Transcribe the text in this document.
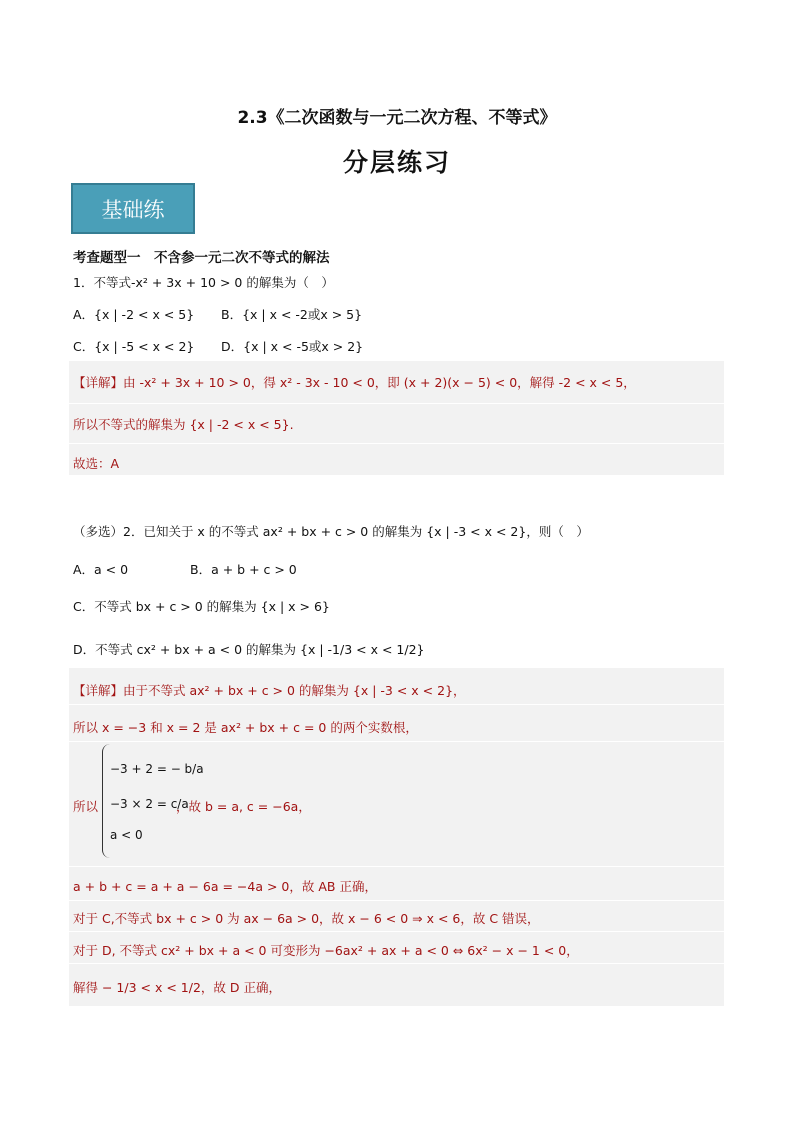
2.3《二次函数与一元二次方程、不等式》
分层练习
基础练
考查题型一　不含参一元二次不等式的解法
1．不等式-x² + 3x + 10 > 0 的解集为（　）
A．{x | -2 < x < 5} B．{x | x < -2或x > 5}
C．{x | -5 < x < 2} D．{x | x < -5或x > 2}
【详解】由 -x² + 3x + 10 > 0，得 x² - 3x - 10 < 0，即 (x + 2)(x − 5) < 0，解得 -2 < x < 5，
所以不等式的解集为 {x | -2 < x < 5}.
故选：A
（多选）2．已知关于 x 的不等式 ax² + bx + c > 0 的解集为 {x | -3 < x < 2}，则（　）
A．a < 0	B．a + b + c > 0
C．不等式 bx + c > 0 的解集为 {x | x > 6}
D．不等式 cx² + bx + a < 0 的解集为 {x | -1/3 < x < 1/2}
【详解】由于不等式 ax² + bx + c > 0 的解集为 {x | -3 < x < 2}，
所以 x = −3 和 x = 2 是 ax² + bx + c = 0 的两个实数根，
所以
−3 + 2 = − b/a
−3 × 2 = c/a
a < 0
，故 b = a, c = −6a，
a + b + c = a + a − 6a = −4a > 0，故 AB 正确，
对于 C,不等式 bx + c > 0 为 ax − 6a > 0，故 x − 6 < 0 ⇒ x < 6，故 C 错误，
对于 D, 不等式 cx² + bx + a < 0 可变形为 −6ax² + ax + a < 0 ⇔ 6x² − x − 1 < 0，
解得 − 1/3 < x < 1/2，故 D 正确，
